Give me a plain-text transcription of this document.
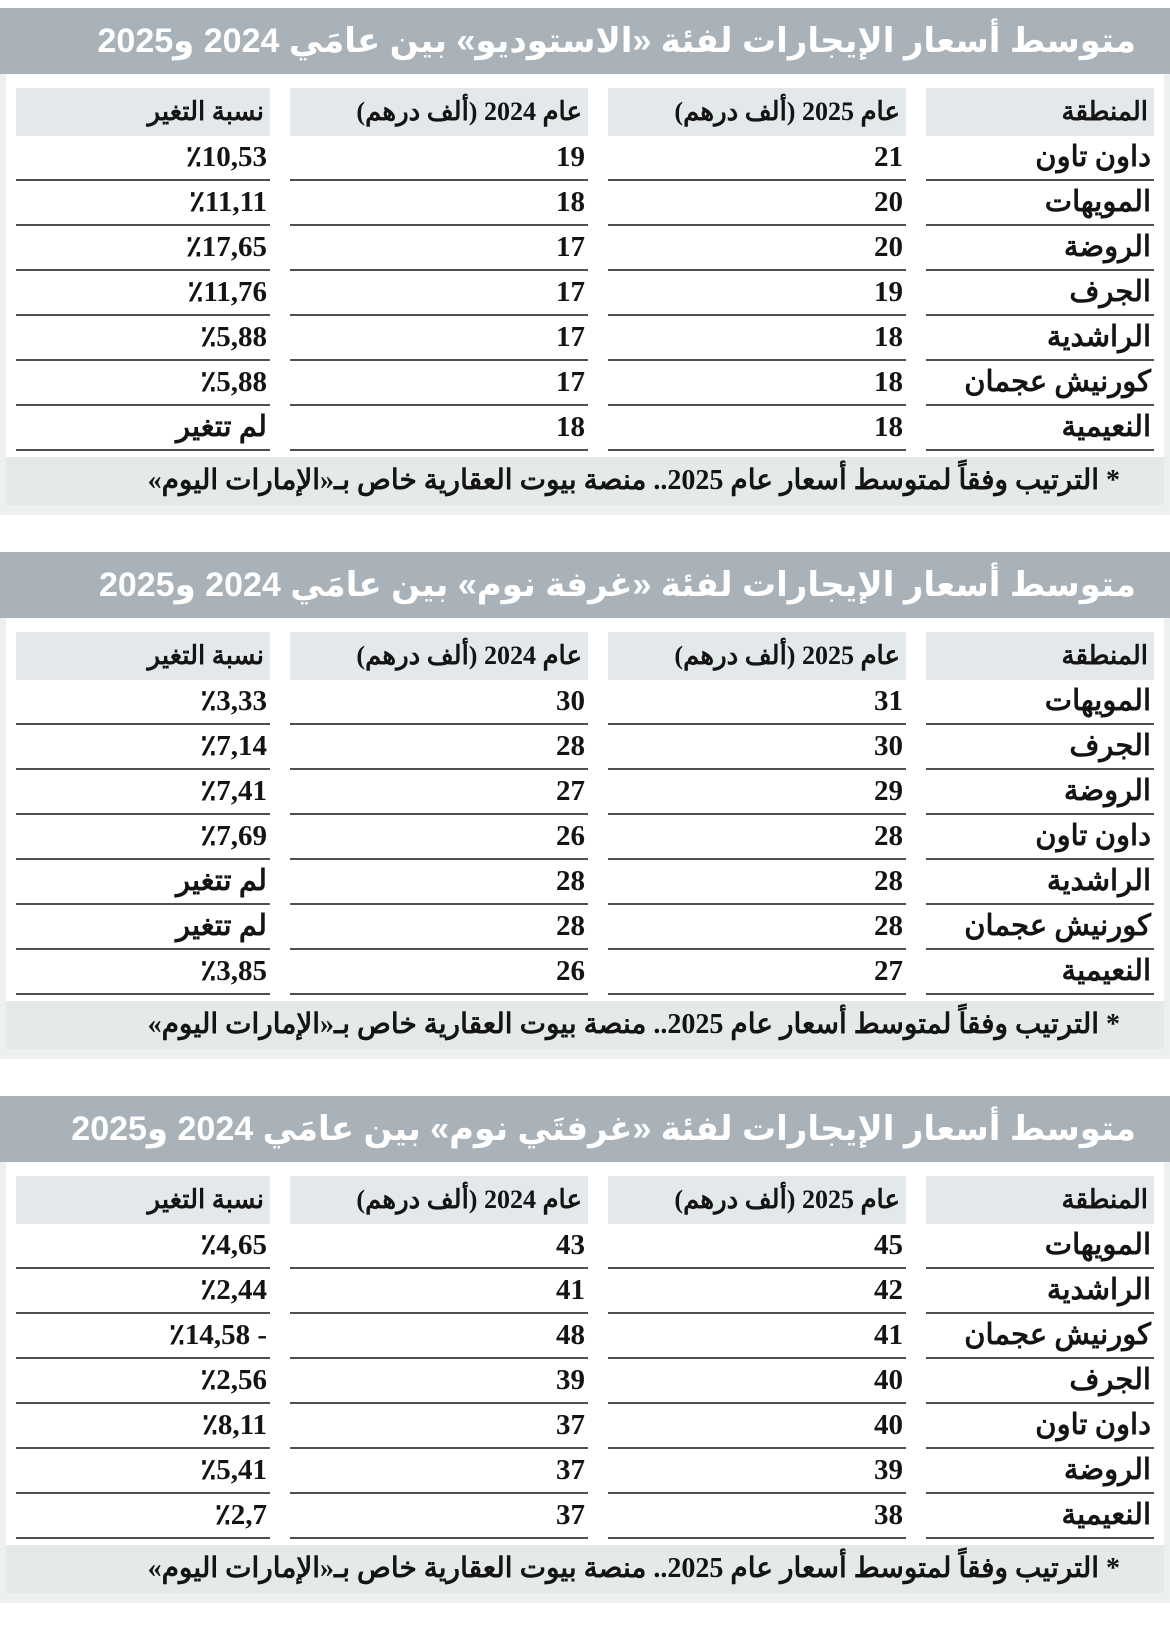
متوسط أسعار الإيجارات لفئة «الاستوديو» بين عامَي 2024 و2025
المنطقة
عام 2025 (ألف درهم)
عام 2024 (ألف درهم)
نسبة التغير
داون تاون
21
19
٪10,53
المويهات
20
18
٪11,11
الروضة
20
17
٪17,65
الجرف
19
17
٪11,76
الراشدية
18
17
٪5,88
كورنيش عجمان
18
17
٪5,88
النعيمية
18
18
لم تتغير
* الترتيب وفقاً لمتوسط أسعار عام 2025.. منصة بيوت العقارية خاص بـ«الإمارات اليوم»
متوسط أسعار الإيجارات لفئة «غرفة نوم» بين عامَي 2024 و2025
المنطقة
عام 2025 (ألف درهم)
عام 2024 (ألف درهم)
نسبة التغير
المويهات
31
30
٪3,33
الجرف
30
28
٪7,14
الروضة
29
27
٪7,41
داون تاون
28
26
٪7,69
الراشدية
28
28
لم تتغير
كورنيش عجمان
28
28
لم تتغير
النعيمية
27
26
٪3,85
* الترتيب وفقاً لمتوسط أسعار عام 2025.. منصة بيوت العقارية خاص بـ«الإمارات اليوم»
متوسط أسعار الإيجارات لفئة «غرفتَي نوم» بين عامَي 2024 و2025
المنطقة
عام 2025 (ألف درهم)
عام 2024 (ألف درهم)
نسبة التغير
المويهات
45
43
٪4,65
الراشدية
42
41
٪2,44
كورنيش عجمان
41
48
- ٪14,58
الجرف
40
39
٪2,56
داون تاون
40
37
٪8,11
الروضة
39
37
٪5,41
النعيمية
38
37
٪2,7
* الترتيب وفقاً لمتوسط أسعار عام 2025.. منصة بيوت العقارية خاص بـ«الإمارات اليوم»
